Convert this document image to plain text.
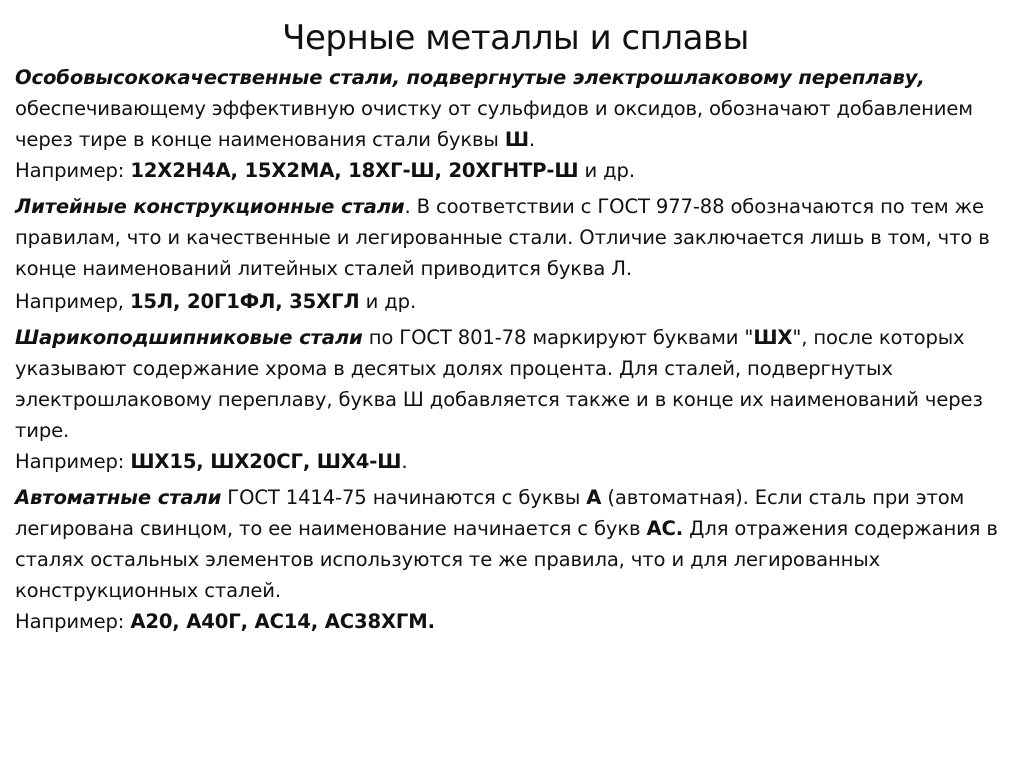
Черные металлы и сплавы

Особовысококачественные стали, подвергнутые электрошлаковому переплаву, обеспечивающему эффективную очистку от сульфидов и оксидов, обозначают добавлением через тире в конце наименования стали буквы Ш.
Например: 12Х2Н4А, 15Х2МА, 18ХГ-Ш, 20ХГНТР-Ш и др.

Литейные конструкционные стали. В соответствии с ГОСТ 977-88 обозначаются по тем же правилам, что и качественные и легированные стали. Отличие заключается лишь в том, что в конце наименований литейных сталей приводится буква Л.

Например, 15Л, 20Г1ФЛ, 35ХГЛ и др.

Шарикоподшипниковые стали по ГОСТ 801-78 маркируют буквами "ШХ", после которых указывают содержание хрома в десятых долях процента. Для сталей, подвергнутых электрошлаковому переплаву, буква Ш добавляется также и в конце их наименований через тире.
Например: ШХ15, ШХ20СГ, ШХ4-Ш.

Автоматные стали ГОСТ 1414-75 начинаются с буквы А (автоматная). Если сталь при этом легирована свинцом, то ее наименование начинается с букв АС. Для отражения содержания в сталях остальных элементов используются те же правила, что и для легированных конструкционных сталей.
Например: А20, А40Г, АС14, АС38ХГМ.
